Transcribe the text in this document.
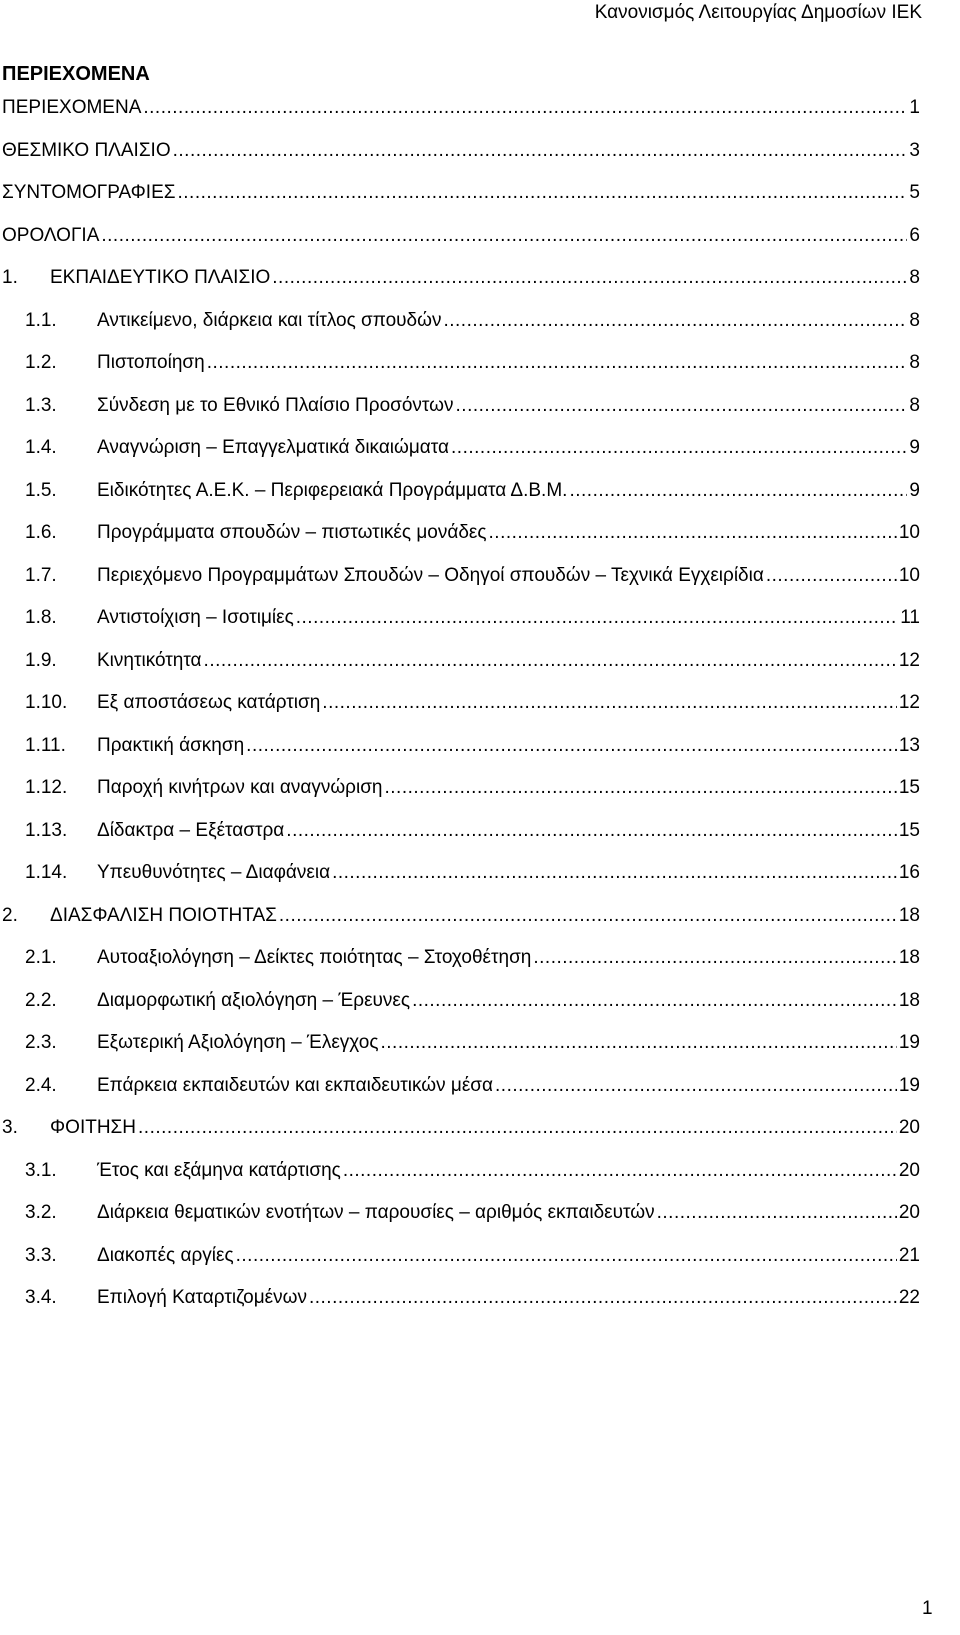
Κανονισμός Λειτουργίας Δημοσίων ΙΕΚ
ΠΕΡΙΕΧΟΜΕΝΑ
ΠΕΡΙΕΧΟΜΕΝΑ .....	1
ΘΕΣΜΙΚΟ ΠΛΑΙΣΙΟ .....	3
ΣΥΝΤΟΜΟΓΡΑΦΙΕΣ .....	5
ΟΡΟΛΟΓΙΑ .....	6
1. ΕΚΠΑΙΔΕΥΤΙΚΟ ΠΛΑΙΣΙΟ .....	8
1.1. Αντικείμενο, διάρκεια και τίτλος σπουδών .....	8
1.2. Πιστοποίηση .....	8
1.3. Σύνδεση με το Εθνικό Πλαίσιο Προσόντων .....	8
1.4. Αναγνώριση – Επαγγελματικά δικαιώματα .....	9
1.5. Ειδικότητες Α.Ε.Κ. – Περιφερειακά Προγράμματα Δ.Β.Μ. .....	9
1.6. Προγράμματα σπουδών – πιστωτικές μονάδες .....	10
1.7. Περιεχόμενο Προγραμμάτων Σπουδών – Οδηγοί σπουδών – Τεχνικά Εγχειρίδια .....	10
1.8. Αντιστοίχιση – Ισοτιμίες .....	11
1.9. Κινητικότητα .....	12
1.10. Εξ αποστάσεως κατάρτιση .....	12
1.11. Πρακτική άσκηση .....	13
1.12. Παροχή κινήτρων και αναγνώριση .....	15
1.13. Δίδακτρα – Εξέταστρα .....	15
1.14. Υπευθυνότητες – Διαφάνεια .....	16
2. ΔΙΑΣΦΑΛΙΣΗ ΠΟΙΟΤΗΤΑΣ .....	18
2.1. Αυτοαξιολόγηση – Δείκτες ποιότητας – Στοχοθέτηση .....	18
2.2. Διαμορφωτική αξιολόγηση – Έρευνες .....	18
2.3. Εξωτερική Αξιολόγηση – Έλεγχος .....	19
2.4. Επάρκεια εκπαιδευτών και εκπαιδευτικών μέσα .....	19
3. ΦΟΙΤΗΣΗ .....	20
3.1. Έτος και εξάμηνα κατάρτισης .....	20
3.2. Διάρκεια θεματικών ενοτήτων – παρουσίες – αριθμός εκπαιδευτών .....	20
3.3. Διακοπές αργίες .....	21
3.4. Επιλογή Καταρτιζομένων .....	22
1
